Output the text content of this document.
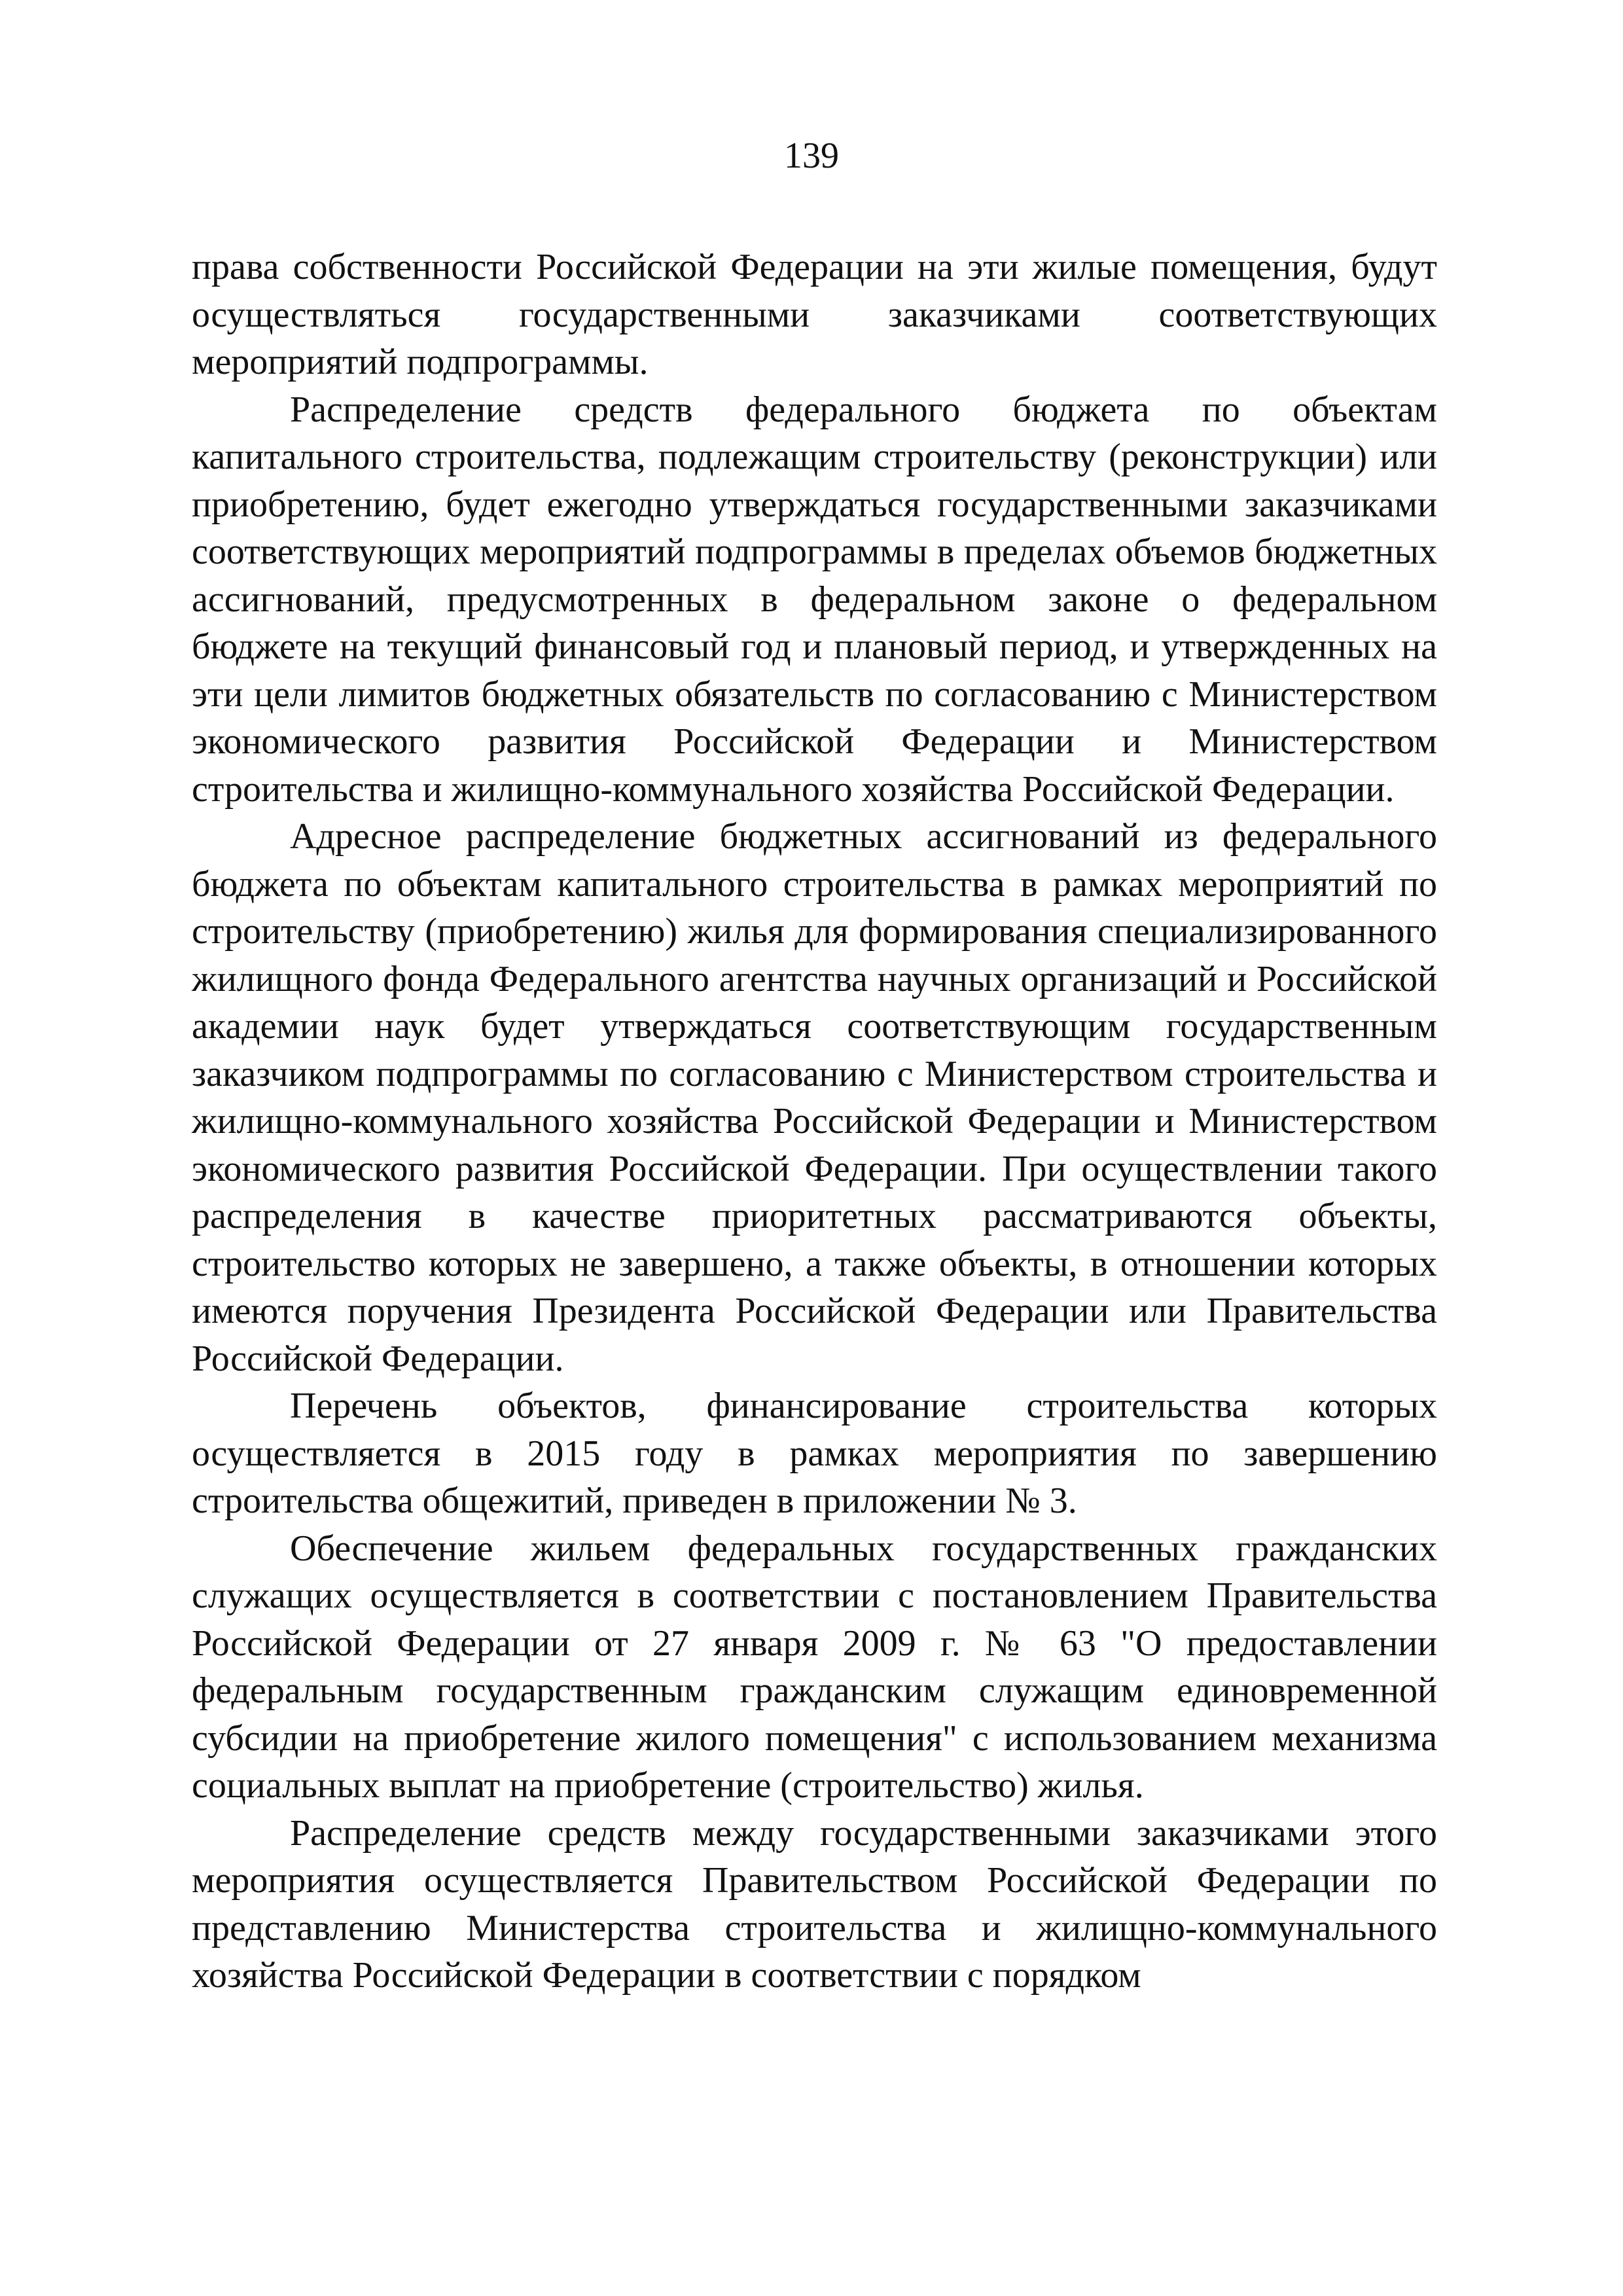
139

права собственности Российской Федерации на эти жилые помещения, будут осуществляться государственными заказчиками соответствующих мероприятий подпрограммы.

Распределение средств федерального бюджета по объектам капитального строительства, подлежащим строительству (реконструкции) или приобретению, будет ежегодно утверждаться государственными заказчиками соответствующих мероприятий подпрограммы в пределах объемов бюджетных ассигнований, предусмотренных в федеральном законе о федеральном бюджете на текущий финансовый год и плановый период, и утвержденных на эти цели лимитов бюджетных обязательств по согласованию с Министерством экономического развития Российской Федерации и Министерством строительства и жилищно-коммунального хозяйства Российской Федерации.

Адресное распределение бюджетных ассигнований из федерального бюджета по объектам капитального строительства в рамках мероприятий по строительству (приобретению) жилья для формирования специализированного жилищного фонда Федерального агентства научных организаций и Российской академии наук будет утверждаться соответствующим государственным заказчиком подпрограммы по согласованию с Министерством строительства и жилищно-коммунального хозяйства Российской Федерации и Министерством экономического развития Российской Федерации. При осуществлении такого распределения в качестве приоритетных рассматриваются объекты, строительство которых не завершено, а также объекты, в отношении которых имеются поручения Президента Российской Федерации или Правительства Российской Федерации.

Перечень объектов, финансирование строительства которых осуществляется в 2015 году в рамках мероприятия по завершению строительства общежитий, приведен в приложении № 3.

Обеспечение жильем федеральных государственных гражданских служащих осуществляется в соответствии с постановлением Правительства Российской Федерации от 27 января 2009 г. № 63 "О предоставлении федеральным государственным гражданским служащим единовременной субсидии на приобретение жилого помещения" с использованием механизма социальных выплат на приобретение (строительство) жилья.

Распределение средств между государственными заказчиками этого мероприятия осуществляется Правительством Российской Федерации по представлению Министерства строительства и жилищно-коммунального хозяйства Российской Федерации в соответствии с порядком
